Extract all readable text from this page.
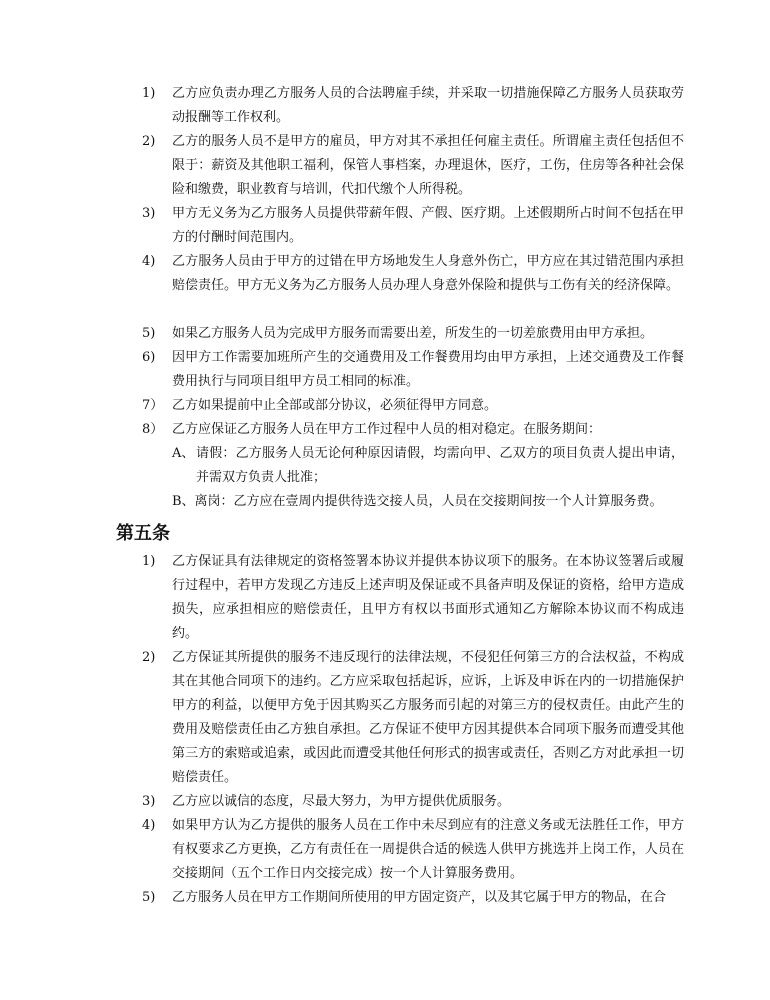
1) 乙方应负责办理乙方服务人员的合法聘雇手续，并采取一切措施保障乙方服务人员获取劳动报酬等工作权利。
2) 乙方的服务人员不是甲方的雇员，甲方对其不承担任何雇主责任。所谓雇主责任包括但不限于：薪资及其他职工福利，保管人事档案，办理退休，医疗，工伤，住房等各种社会保险和缴费，职业教育与培训，代扣代缴个人所得税。
3) 甲方无义务为乙方服务人员提供带薪年假、产假、医疗期。上述假期所占时间不包括在甲方的付酬时间范围内。
4) 乙方服务人员由于甲方的过错在甲方场地发生人身意外伤亡，甲方应在其过错范围内承担赔偿责任。甲方无义务为乙方服务人员办理人身意外保险和提供与工伤有关的经济保障。
5) 如果乙方服务人员为完成甲方服务而需要出差，所发生的一切差旅费用由甲方承担。
6) 因甲方工作需要加班所产生的交通费用及工作餐费用均由甲方承担，上述交通费及工作餐费用执行与同项目组甲方员工相同的标准。
7） 乙方如果提前中止全部或部分协议，必须征得甲方同意。
8） 乙方应保证乙方服务人员在甲方工作过程中人员的相对稳定。在服务期间：
A、 请假：乙方服务人员无论何种原因请假，均需向甲、乙双方的项目负责人提出申请，并需双方负责人批准；
B、离岗：乙方应在壹周内提供待选交接人员，人员在交接期间按一个人计算服务费。
第五条
1) 乙方保证具有法律规定的资格签署本协议并提供本协议项下的服务。在本协议签署后或履行过程中，若甲方发现乙方违反上述声明及保证或不具备声明及保证的资格，给甲方造成损失，应承担相应的赔偿责任，且甲方有权以书面形式通知乙方解除本协议而不构成违约。
2) 乙方保证其所提供的服务不违反现行的法律法规，不侵犯任何第三方的合法权益，不构成其在其他合同项下的违约。乙方应采取包括起诉，应诉，上诉及申诉在内的一切措施保护甲方的利益，以便甲方免于因其购买乙方服务而引起的对第三方的侵权责任。由此产生的费用及赔偿责任由乙方独自承担。乙方保证不使甲方因其提供本合同项下服务而遭受其他第三方的索赔或追索，或因此而遭受其他任何形式的损害或责任，否则乙方对此承担一切赔偿责任。
3) 乙方应以诚信的态度，尽最大努力，为甲方提供优质服务。
4) 如果甲方认为乙方提供的服务人员在工作中未尽到应有的注意义务或无法胜任工作，甲方有权要求乙方更换，乙方有责任在一周提供合适的候选人供甲方挑选并上岗工作，人员在交接期间（五个工作日内交接完成）按一个人计算服务费用。
5) 乙方服务人员在甲方工作期间所使用的甲方固定资产，以及其它属于甲方的物品，在合
